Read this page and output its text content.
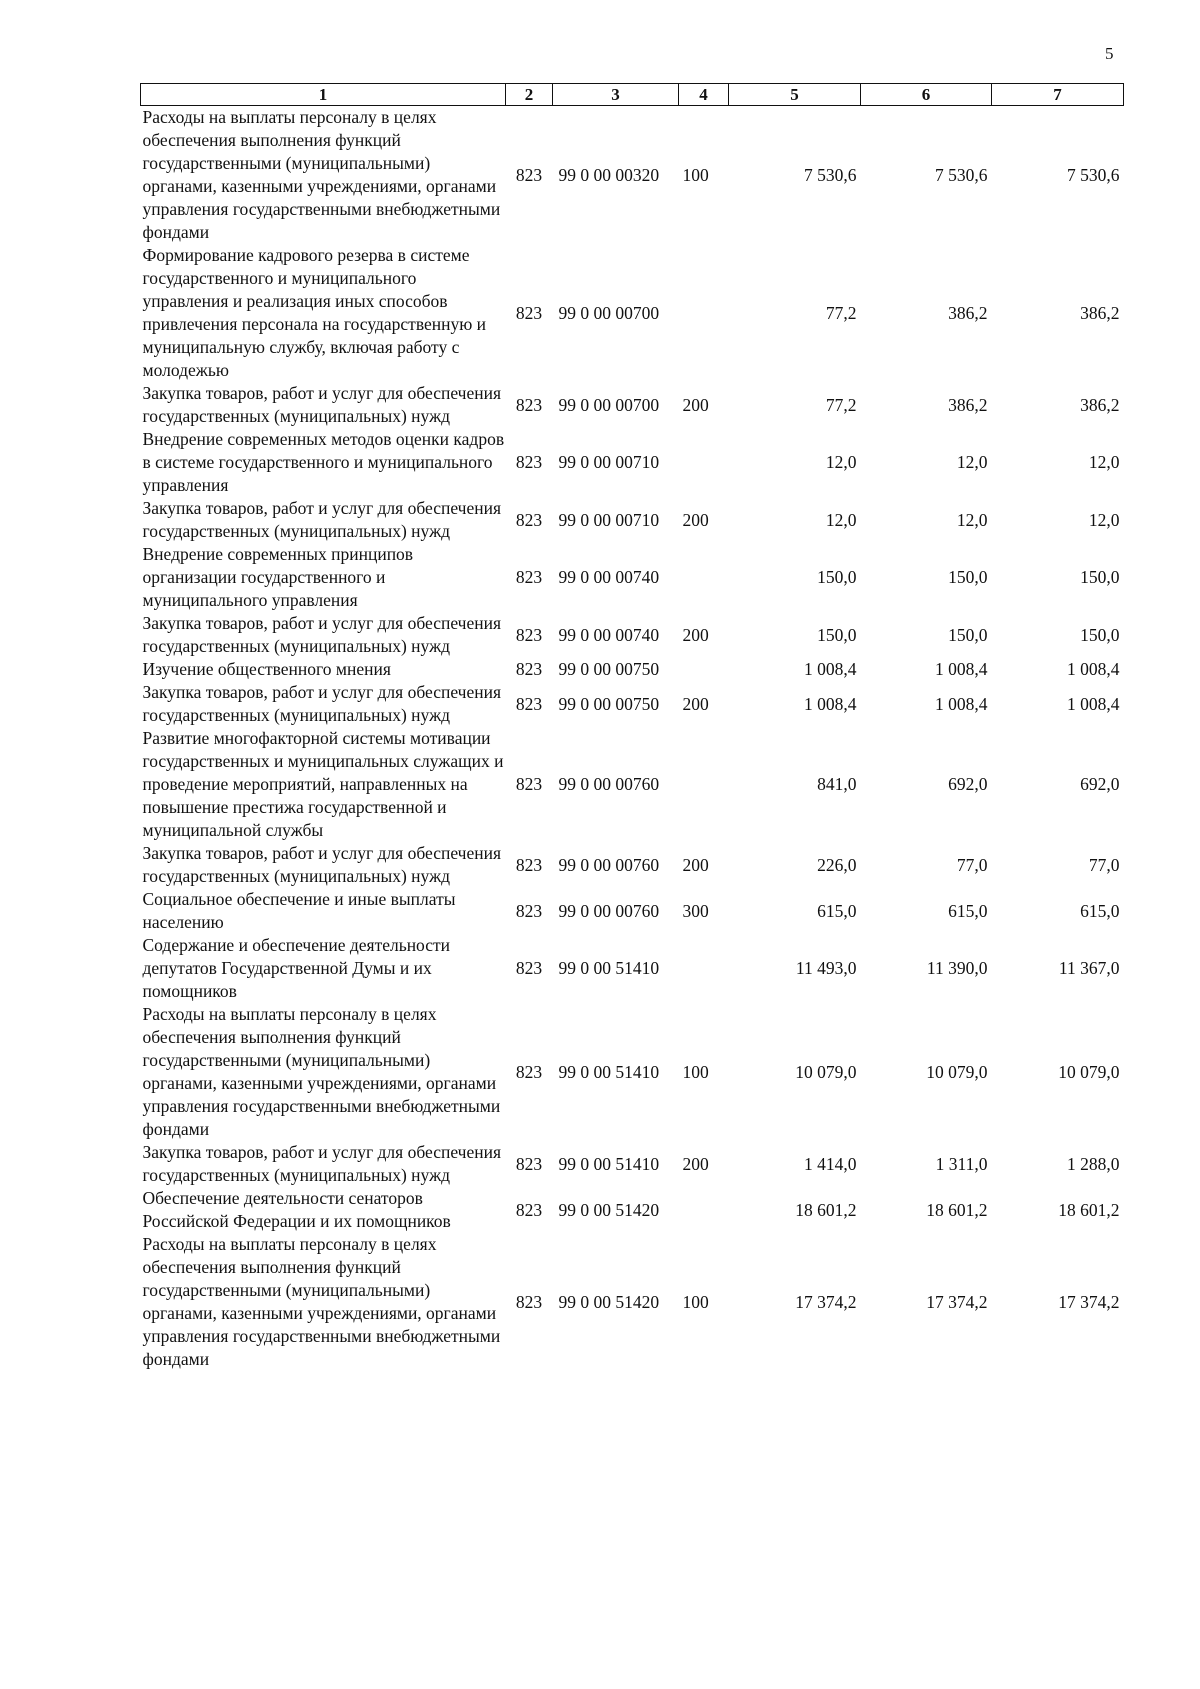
5
1	2	3	4	5	6	7
Расходы на выплаты персоналу в целях обеспечения выполнения функций государственными (муниципальными) органами, казенными учреждениями, органами управления государственными внебюджетными фондами	823	99 0 00 00320	100	7 530,6	7 530,6	7 530,6
Формирование кадрового резерва в системе государственного и муниципального управления и реализация иных способов привлечения персонала на государственную и муниципальную службу, включая работу с молодежью	823	99 0 00 00700		77,2	386,2	386,2
Закупка товаров, работ и услуг для обеспечения государственных (муниципальных) нужд	823	99 0 00 00700	200	77,2	386,2	386,2
Внедрение современных методов оценки кадров в системе государственного и муниципального управления	823	99 0 00 00710		12,0	12,0	12,0
Закупка товаров, работ и услуг для обеспечения государственных (муниципальных) нужд	823	99 0 00 00710	200	12,0	12,0	12,0
Внедрение современных принципов организации государственного и муниципального управления	823	99 0 00 00740		150,0	150,0	150,0
Закупка товаров, работ и услуг для обеспечения государственных (муниципальных) нужд	823	99 0 00 00740	200	150,0	150,0	150,0
Изучение общественного мнения	823	99 0 00 00750		1 008,4	1 008,4	1 008,4
Закупка товаров, работ и услуг для обеспечения государственных (муниципальных) нужд	823	99 0 00 00750	200	1 008,4	1 008,4	1 008,4
Развитие многофакторной системы мотивации государственных и муниципальных служащих и проведение мероприятий, направленных на повышение престижа государственной и муниципальной службы	823	99 0 00 00760		841,0	692,0	692,0
Закупка товаров, работ и услуг для обеспечения государственных (муниципальных) нужд	823	99 0 00 00760	200	226,0	77,0	77,0
Социальное обеспечение и иные выплаты населению	823	99 0 00 00760	300	615,0	615,0	615,0
Содержание и обеспечение деятельности депутатов Государственной Думы и их помощников	823	99 0 00 51410		11 493,0	11 390,0	11 367,0
Расходы на выплаты персоналу в целях обеспечения выполнения функций государственными (муниципальными) органами, казенными учреждениями, органами управления государственными внебюджетными фондами	823	99 0 00 51410	100	10 079,0	10 079,0	10 079,0
Закупка товаров, работ и услуг для обеспечения государственных (муниципальных) нужд	823	99 0 00 51410	200	1 414,0	1 311,0	1 288,0
Обеспечение деятельности сенаторов Российской Федерации и их помощников	823	99 0 00 51420		18 601,2	18 601,2	18 601,2
Расходы на выплаты персоналу в целях обеспечения выполнения функций государственными (муниципальными) органами, казенными учреждениями, органами управления государственными внебюджетными фондами	823	99 0 00 51420	100	17 374,2	17 374,2	17 374,2
